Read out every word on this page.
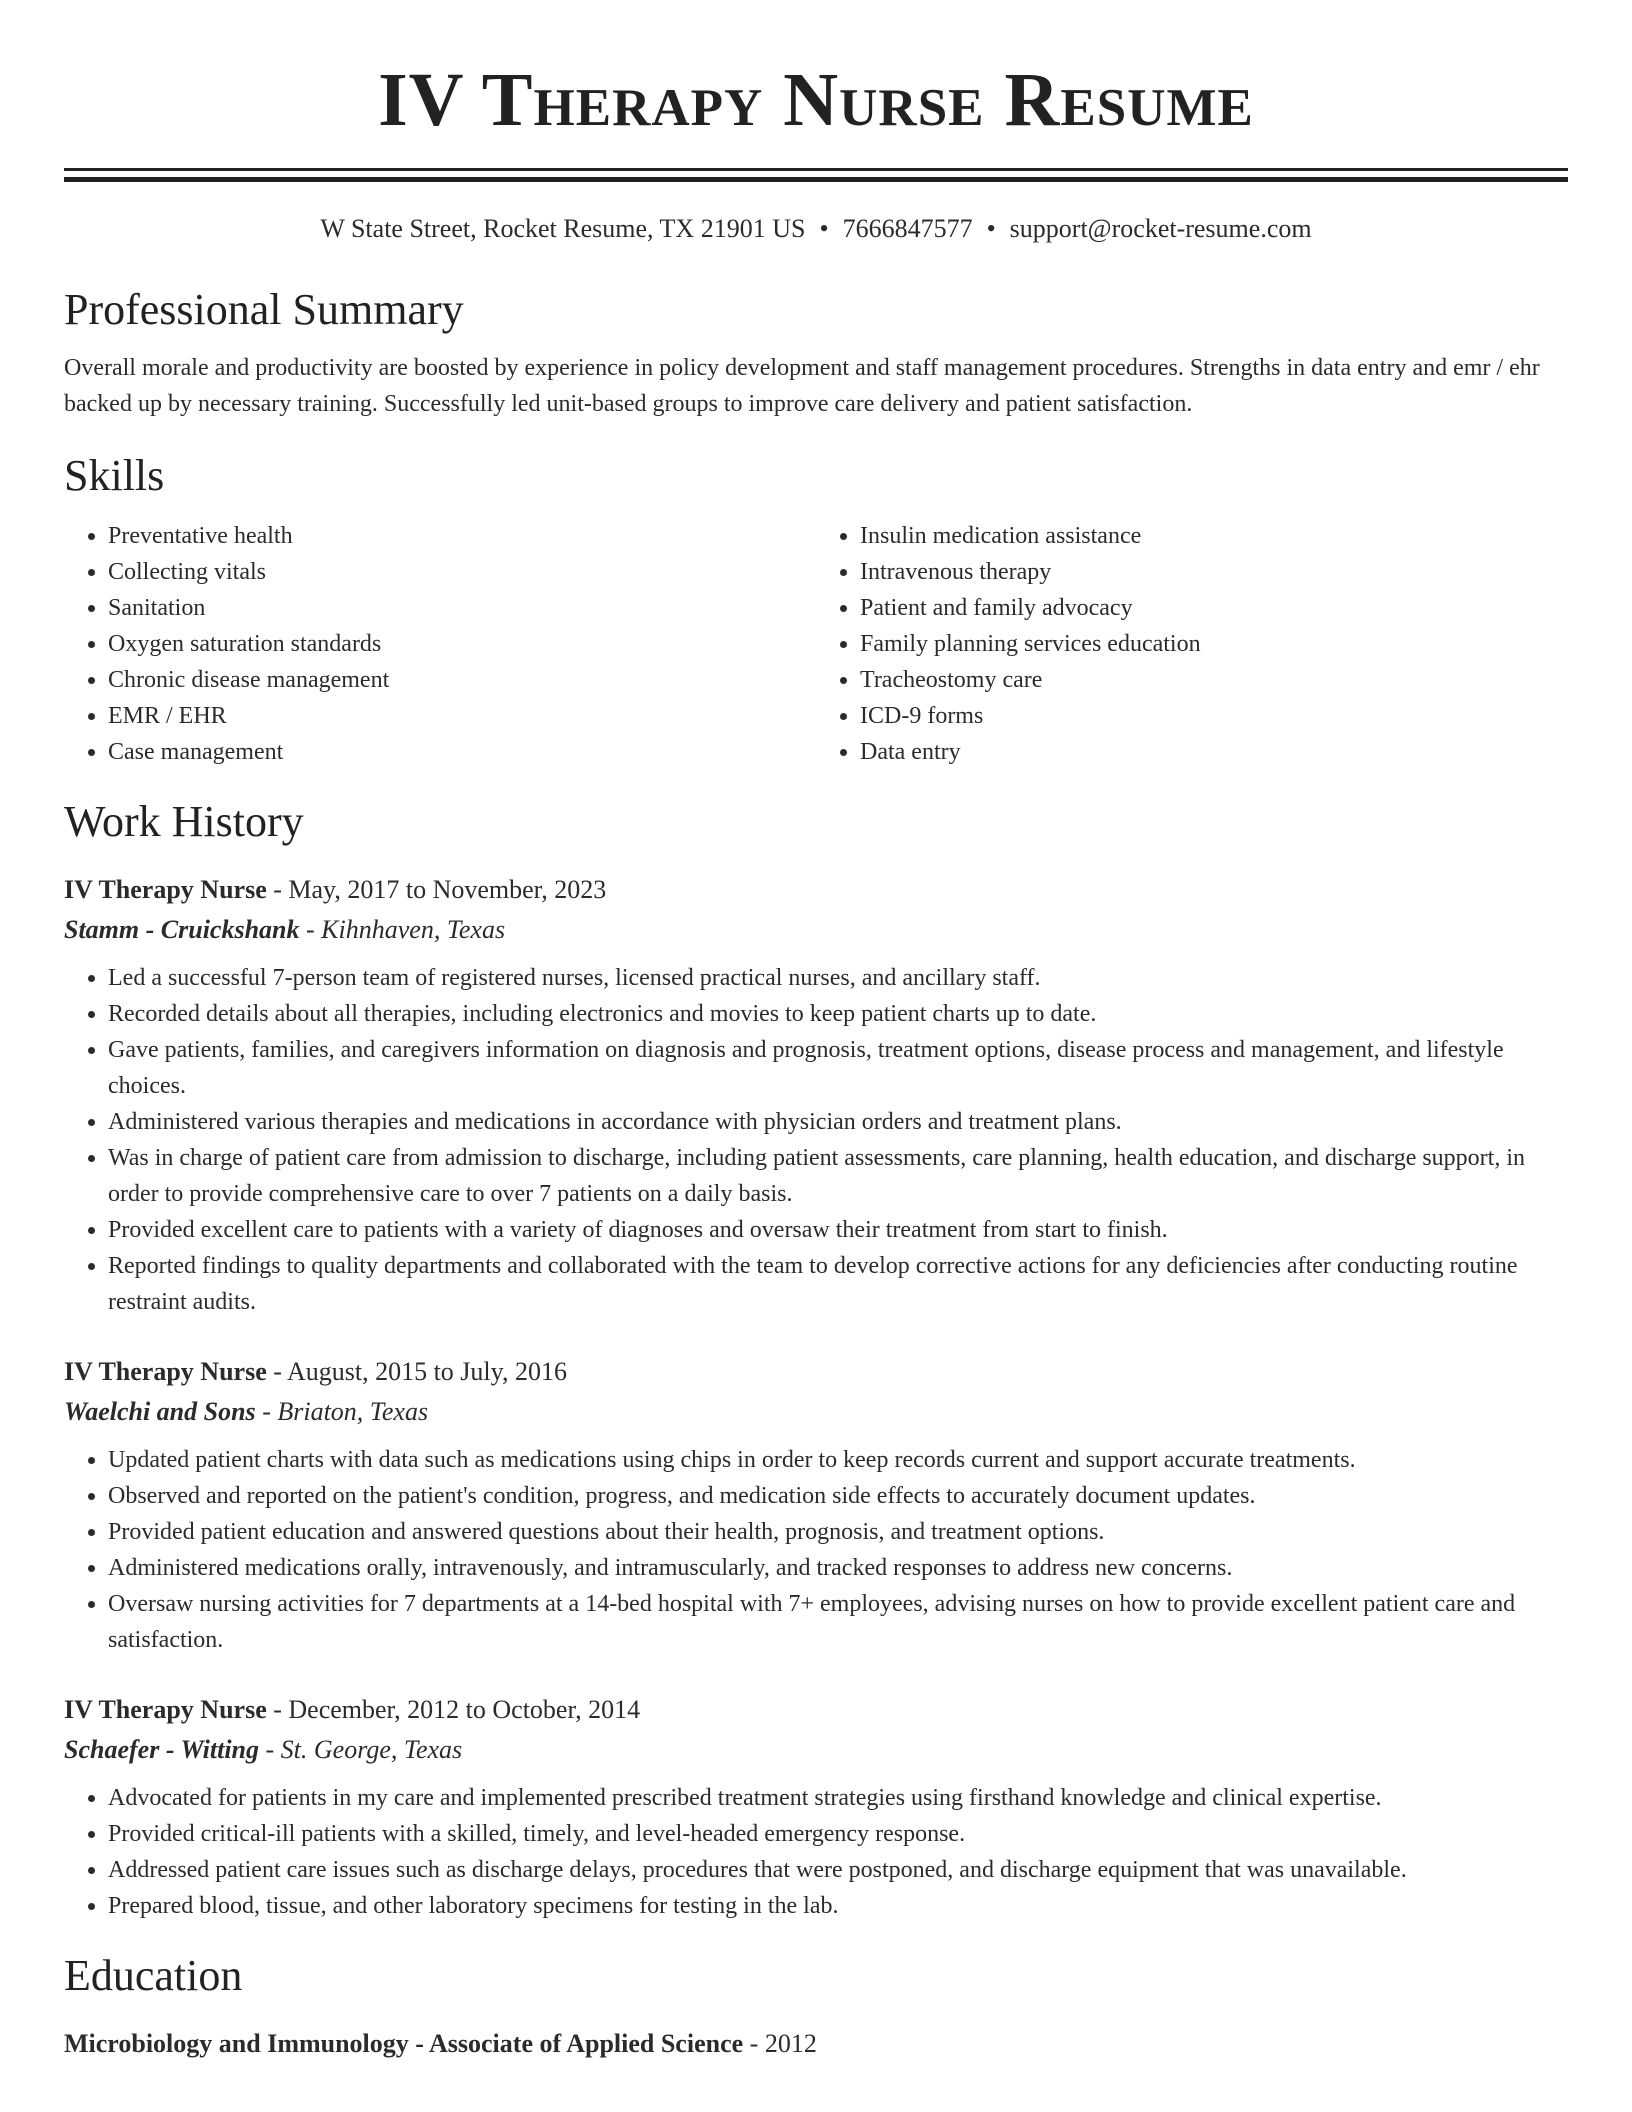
IV Therapy Nurse Resume
W State Street, Rocket Resume, TX 21901 US • 7666847577 • support@rocket-resume.com
Professional Summary
Overall morale and productivity are boosted by experience in policy development and staff management procedures. Strengths in data entry and emr / ehr backed up by necessary training. Successfully led unit-based groups to improve care delivery and patient satisfaction.
Skills
• Preventative health
• Collecting vitals
• Sanitation
• Oxygen saturation standards
• Chronic disease management
• EMR / EHR
• Case management
• Insulin medication assistance
• Intravenous therapy
• Patient and family advocacy
• Family planning services education
• Tracheostomy care
• ICD-9 forms
• Data entry
Work History
IV Therapy Nurse - May, 2017 to November, 2023
Stamm - Cruickshank - Kihnhaven, Texas
• Led a successful 7-person team of registered nurses, licensed practical nurses, and ancillary staff.
• Recorded details about all therapies, including electronics and movies to keep patient charts up to date.
• Gave patients, families, and caregivers information on diagnosis and prognosis, treatment options, disease process and management, and lifestyle choices.
• Administered various therapies and medications in accordance with physician orders and treatment plans.
• Was in charge of patient care from admission to discharge, including patient assessments, care planning, health education, and discharge support, in order to provide comprehensive care to over 7 patients on a daily basis.
• Provided excellent care to patients with a variety of diagnoses and oversaw their treatment from start to finish.
• Reported findings to quality departments and collaborated with the team to develop corrective actions for any deficiencies after conducting routine restraint audits.
IV Therapy Nurse - August, 2015 to July, 2016
Waelchi and Sons - Briaton, Texas
• Updated patient charts with data such as medications using chips in order to keep records current and support accurate treatments.
• Observed and reported on the patient's condition, progress, and medication side effects to accurately document updates.
• Provided patient education and answered questions about their health, prognosis, and treatment options.
• Administered medications orally, intravenously, and intramuscularly, and tracked responses to address new concerns.
• Oversaw nursing activities for 7 departments at a 14-bed hospital with 7+ employees, advising nurses on how to provide excellent patient care and satisfaction.
IV Therapy Nurse - December, 2012 to October, 2014
Schaefer - Witting - St. George, Texas
• Advocated for patients in my care and implemented prescribed treatment strategies using firsthand knowledge and clinical expertise.
• Provided critical-ill patients with a skilled, timely, and level-headed emergency response.
• Addressed patient care issues such as discharge delays, procedures that were postponed, and discharge equipment that was unavailable.
• Prepared blood, tissue, and other laboratory specimens for testing in the lab.
Education
Microbiology and Immunology - Associate of Applied Science - 2012
